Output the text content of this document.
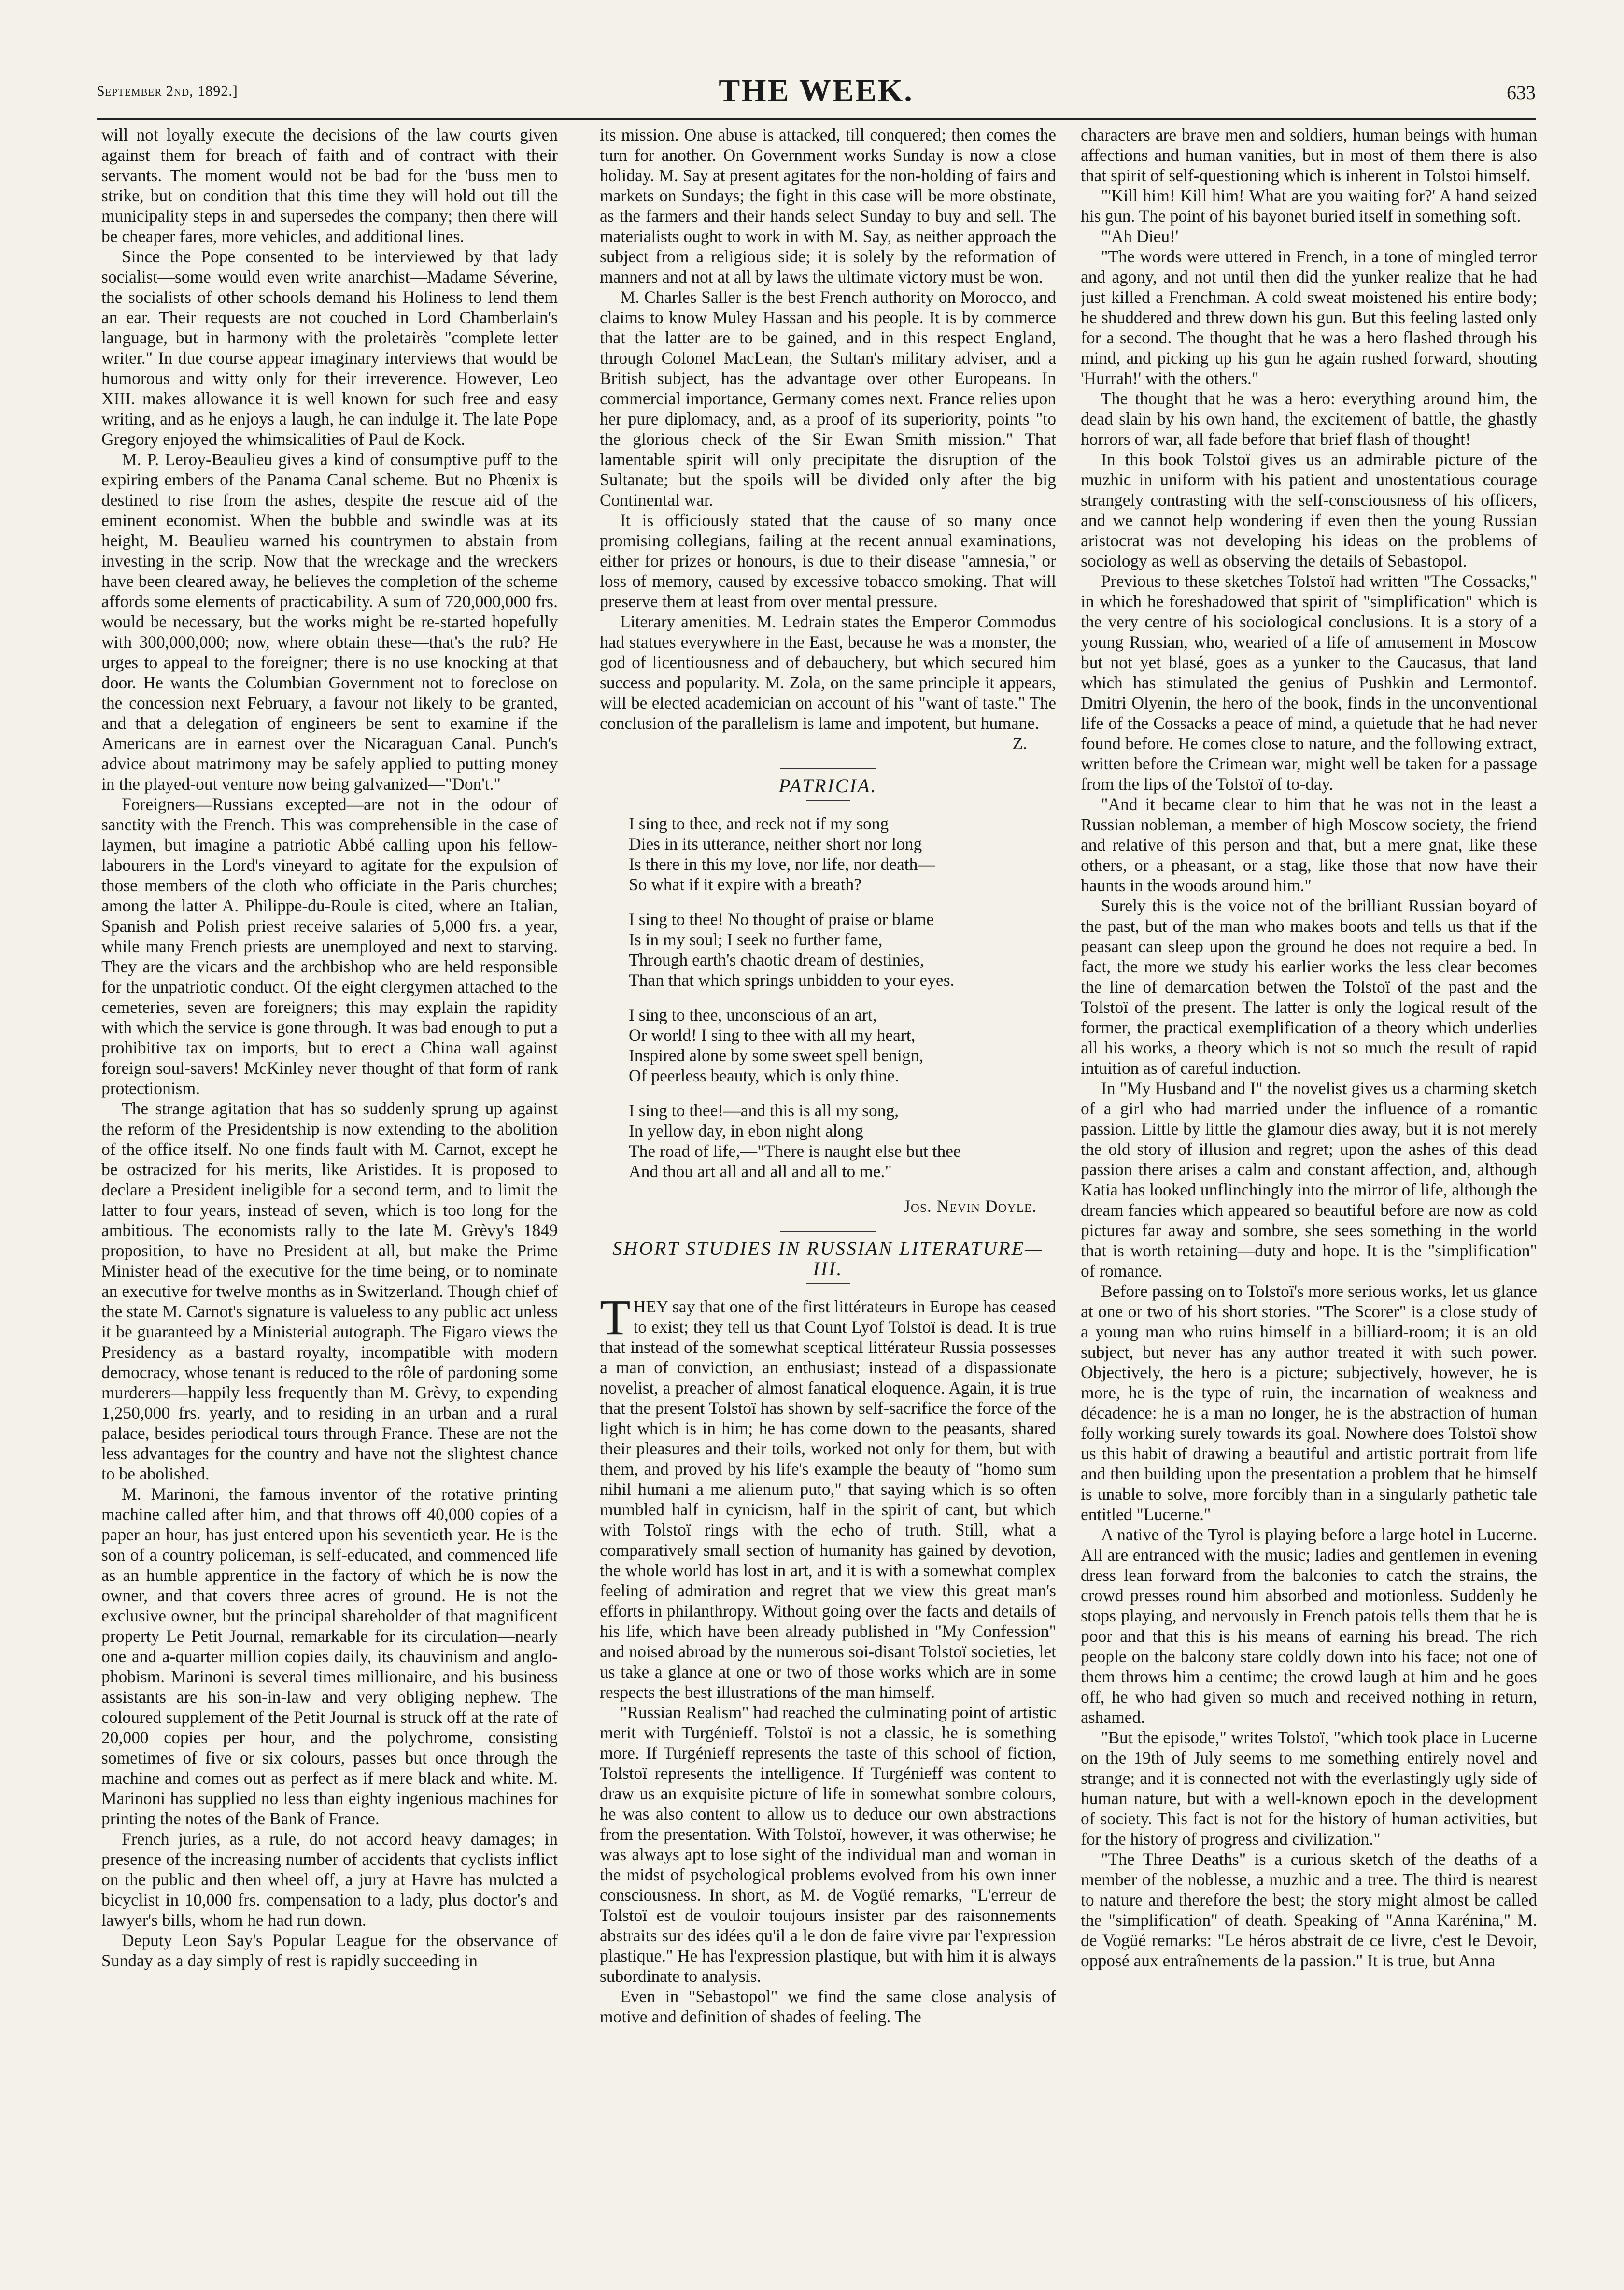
September 2nd, 1892.]	THE WEEK.	633

will not loyally execute the decisions of the law courts given against them for breach of faith and of contract with their servants. The moment would not be bad for the 'buss men to strike, but on condition that this time they will hold out till the municipality steps in and supersedes the company; then there will be cheaper fares, more vehicles, and additional lines.

Since the Pope consented to be interviewed by that lady socialist—some would even write anarchist—Madame Séverine, the socialists of other schools demand his Holiness to lend them an ear. Their requests are not couched in Lord Chamberlain's language, but in harmony with the proletairès "complete letter writer." In due course appear imaginary interviews that would be humorous and witty only for their irreverence. However, Leo XIII. makes allowance it is well known for such free and easy writing, and as he enjoys a laugh, he can indulge it. The late Pope Gregory enjoyed the whimsicalities of Paul de Kock.

M. P. Leroy-Beaulieu gives a kind of consumptive puff to the expiring embers of the Panama Canal scheme. But no Phœnix is destined to rise from the ashes, despite the rescue aid of the eminent economist. When the bubble and swindle was at its height, M. Beaulieu warned his countrymen to abstain from investing in the scrip. Now that the wreckage and the wreckers have been cleared away, he believes the completion of the scheme affords some elements of practicability. A sum of 720,000,000 frs. would be necessary, but the works might be re-started hopefully with 300,000,000; now, where obtain these—that's the rub? He urges to appeal to the foreigner; there is no use knocking at that door. He wants the Columbian Government not to foreclose on the concession next February, a favour not likely to be granted, and that a delegation of engineers be sent to examine if the Americans are in earnest over the Nicaraguan Canal. Punch's advice about matrimony may be safely applied to putting money in the played-out venture now being galvanized—"Don't."

Foreigners—Russians excepted—are not in the odour of sanctity with the French. This was comprehensible in the case of laymen, but imagine a patriotic Abbé calling upon his fellow-labourers in the Lord's vineyard to agitate for the expulsion of those members of the cloth who officiate in the Paris churches; among the latter A. Philippe-du-Roule is cited, where an Italian, Spanish and Polish priest receive salaries of 5,000 frs. a year, while many French priests are unemployed and next to starving. They are the vicars and the archbishop who are held responsible for the unpatriotic conduct. Of the eight clergymen attached to the cemeteries, seven are foreigners; this may explain the rapidity with which the service is gone through. It was bad enough to put a prohibitive tax on imports, but to erect a China wall against foreign soul-savers! McKinley never thought of that form of rank protectionism.

The strange agitation that has so suddenly sprung up against the reform of the Presidentship is now extending to the abolition of the office itself. No one finds fault with M. Carnot, except he be ostracized for his merits, like Aristides. It is proposed to declare a President ineligible for a second term, and to limit the latter to four years, instead of seven, which is too long for the ambitious. The economists rally to the late M. Grèvy's 1849 proposition, to have no President at all, but make the Prime Minister head of the executive for the time being, or to nominate an executive for twelve months as in Switzerland. Though chief of the state M. Carnot's signature is valueless to any public act unless it be guaranteed by a Ministerial autograph. The Figaro views the Presidency as a bastard royalty, incompatible with modern democracy, whose tenant is reduced to the rôle of pardoning some murderers—happily less frequently than M. Grèvy, to expending 1,250,000 frs. yearly, and to residing in an urban and a rural palace, besides periodical tours through France. These are not the less advantages for the country and have not the slightest chance to be abolished.

M. Marinoni, the famous inventor of the rotative printing machine called after him, and that throws off 40,000 copies of a paper an hour, has just entered upon his seventieth year. He is the son of a country policeman, is self-educated, and commenced life as an humble apprentice in the factory of which he is now the owner, and that covers three acres of ground. He is not the exclusive owner, but the principal shareholder of that magnificent property Le Petit Journal, remarkable for its circulation—nearly one and a-quarter million copies daily, its chauvinism and anglo-phobism. Marinoni is several times millionaire, and his business assistants are his son-in-law and very obliging nephew. The coloured supplement of the Petit Journal is struck off at the rate of 20,000 copies per hour, and the polychrome, consisting sometimes of five or six colours, passes but once through the machine and comes out as perfect as if mere black and white. M. Marinoni has supplied no less than eighty ingenious machines for printing the notes of the Bank of France.

French juries, as a rule, do not accord heavy damages; in presence of the increasing number of accidents that cyclists inflict on the public and then wheel off, a jury at Havre has mulcted a bicyclist in 10,000 frs. compensation to a lady, plus doctor's and lawyer's bills, whom he had run down.

Deputy Leon Say's Popular League for the observance of Sunday as a day simply of rest is rapidly succeeding in

its mission. One abuse is attacked, till conquered; then comes the turn for another. On Government works Sunday is now a close holiday. M. Say at present agitates for the non-holding of fairs and markets on Sundays; the fight in this case will be more obstinate, as the farmers and their hands select Sunday to buy and sell. The materialists ought to work in with M. Say, as neither approach the subject from a religious side; it is solely by the reformation of manners and not at all by laws the ultimate victory must be won.

M. Charles Saller is the best French authority on Morocco, and claims to know Muley Hassan and his people. It is by commerce that the latter are to be gained, and in this respect England, through Colonel MacLean, the Sultan's military adviser, and a British subject, has the advantage over other Europeans. In commercial importance, Germany comes next. France relies upon her pure diplomacy, and, as a proof of its superiority, points "to the glorious check of the Sir Ewan Smith mission." That lamentable spirit will only precipitate the disruption of the Sultanate; but the spoils will be divided only after the big Continental war.

It is officiously stated that the cause of so many once promising collegians, failing at the recent annual examinations, either for prizes or honours, is due to their disease "amnesia," or loss of memory, caused by excessive tobacco smoking. That will preserve them at least from over mental pressure.

Literary amenities. M. Ledrain states the Emperor Commodus had statues everywhere in the East, because he was a monster, the god of licentiousness and of debauchery, but which secured him success and popularity. M. Zola, on the same principle it appears, will be elected academician on account of his "want of taste." The conclusion of the parallelism is lame and impotent, but humane.

Z.

PATRICIA.
I sing to thee, and reck not if my song
Dies in its utterance, neither short nor long
Is there in this my love, nor life, nor death—
So what if it expire with a breath?
I sing to thee! No thought of praise or blame
Is in my soul; I seek no further fame,
Through earth's chaotic dream of destinies,
Than that which springs unbidden to your eyes.
I sing to thee, unconscious of an art,
Or world! I sing to thee with all my heart,
Inspired alone by some sweet spell benign,
Of peerless beauty, which is only thine.
I sing to thee!—and this is all my song,
In yellow day, in ebon night along
The road of life,—"There is naught else but thee
And thou art all and all and all to me."

Jos. Nevin Doyle.

SHORT STUDIES IN RUSSIAN LITERATURE—III.

THEY say that one of the first littérateurs in Europe has ceased to exist; they tell us that Count Lyof Tolstoï is dead. It is true that instead of the somewhat sceptical littérateur Russia possesses a man of conviction, an enthusiast; instead of a dispassionate novelist, a preacher of almost fanatical eloquence. Again, it is true that the present Tolstoï has shown by self-sacrifice the force of the light which is in him; he has come down to the peasants, shared their pleasures and their toils, worked not only for them, but with them, and proved by his life's example the beauty of "homo sum nihil humani a me alienum puto," that saying which is so often mumbled half in cynicism, half in the spirit of cant, but which with Tolstoï rings with the echo of truth. Still, what a comparatively small section of humanity has gained by devotion, the whole world has lost in art, and it is with a somewhat complex feeling of admiration and regret that we view this great man's efforts in philanthropy. Without going over the facts and details of his life, which have been already published in "My Confession" and noised abroad by the numerous soi-disant Tolstoï societies, let us take a glance at one or two of those works which are in some respects the best illustrations of the man himself.

"Russian Realism" had reached the culminating point of artistic merit with Turgénieff. Tolstoï is not a classic, he is something more. If Turgénieff represents the taste of this school of fiction, Tolstoï represents the intelligence. If Turgénieff was content to draw us an exquisite picture of life in somewhat sombre colours, he was also content to allow us to deduce our own abstractions from the presentation. With Tolstoï, however, it was otherwise; he was always apt to lose sight of the individual man and woman in the midst of psychological problems evolved from his own inner consciousness. In short, as M. de Vogüé remarks, "L'erreur de Tolstoï est de vouloir toujours insister par des raisonnements abstraits sur des idées qu'il a le don de faire vivre par l'expression plastique." He has l'expression plastique, but with him it is always subordinate to analysis.

Even in "Sebastopol" we find the same close analysis of motive and definition of shades of feeling. The

characters are brave men and soldiers, human beings with human affections and human vanities, but in most of them there is also that spirit of self-questioning which is inherent in Tolstoi himself.

"'Kill him! Kill him! What are you waiting for?' A hand seized his gun. The point of his bayonet buried itself in something soft.

"'Ah Dieu!'

"The words were uttered in French, in a tone of mingled terror and agony, and not until then did the yunker realize that he had just killed a Frenchman. A cold sweat moistened his entire body; he shuddered and threw down his gun. But this feeling lasted only for a second. The thought that he was a hero flashed through his mind, and picking up his gun he again rushed forward, shouting 'Hurrah!' with the others."

The thought that he was a hero: everything around him, the dead slain by his own hand, the excitement of battle, the ghastly horrors of war, all fade before that brief flash of thought!

In this book Tolstoï gives us an admirable picture of the muzhic in uniform with his patient and unostentatious courage strangely contrasting with the self-consciousness of his officers, and we cannot help wondering if even then the young Russian aristocrat was not developing his ideas on the problems of sociology as well as observing the details of Sebastopol.

Previous to these sketches Tolstoï had written "The Cossacks," in which he foreshadowed that spirit of "simplification" which is the very centre of his sociological conclusions. It is a story of a young Russian, who, wearied of a life of amusement in Moscow but not yet blasé, goes as a yunker to the Caucasus, that land which has stimulated the genius of Pushkin and Lermontof. Dmitri Olyenin, the hero of the book, finds in the unconventional life of the Cossacks a peace of mind, a quietude that he had never found before. He comes close to nature, and the following extract, written before the Crimean war, might well be taken for a passage from the lips of the Tolstoï of to-day.

"And it became clear to him that he was not in the least a Russian nobleman, a member of high Moscow society, the friend and relative of this person and that, but a mere gnat, like these others, or a pheasant, or a stag, like those that now have their haunts in the woods around him."

Surely this is the voice not of the brilliant Russian boyard of the past, but of the man who makes boots and tells us that if the peasant can sleep upon the ground he does not require a bed. In fact, the more we study his earlier works the less clear becomes the line of demarcation betwen the Tolstoï of the past and the Tolstoï of the present. The latter is only the logical result of the former, the practical exemplification of a theory which underlies all his works, a theory which is not so much the result of rapid intuition as of careful induction.

In "My Husband and I" the novelist gives us a charming sketch of a girl who had married under the influence of a romantic passion. Little by little the glamour dies away, but it is not merely the old story of illusion and regret; upon the ashes of this dead passion there arises a calm and constant affection, and, although Katia has looked unflinchingly into the mirror of life, although the dream fancies which appeared so beautiful before are now as cold pictures far away and sombre, she sees something in the world that is worth retaining—duty and hope. It is the "simplification" of romance.

Before passing on to Tolstoï's more serious works, let us glance at one or two of his short stories. "The Scorer" is a close study of a young man who ruins himself in a billiard-room; it is an old subject, but never has any author treated it with such power. Objectively, the hero is a picture; subjectively, however, he is more, he is the type of ruin, the incarnation of weakness and décadence: he is a man no longer, he is the abstraction of human folly working surely towards its goal. Nowhere does Tolstoï show us this habit of drawing a beautiful and artistic portrait from life and then building upon the presentation a problem that he himself is unable to solve, more forcibly than in a singularly pathetic tale entitled "Lucerne."

A native of the Tyrol is playing before a large hotel in Lucerne. All are entranced with the music; ladies and gentlemen in evening dress lean forward from the balconies to catch the strains, the crowd presses round him absorbed and motionless. Suddenly he stops playing, and nervously in French patois tells them that he is poor and that this is his means of earning his bread. The rich people on the balcony stare coldly down into his face; not one of them throws him a centime; the crowd laugh at him and he goes off, he who had given so much and received nothing in return, ashamed.

"But the episode," writes Tolstoï, "which took place in Lucerne on the 19th of July seems to me something entirely novel and strange; and it is connected not with the everlastingly ugly side of human nature, but with a well-known epoch in the development of society. This fact is not for the history of human activities, but for the history of progress and civilization."

"The Three Deaths" is a curious sketch of the deaths of a member of the noblesse, a muzhic and a tree. The third is nearest to nature and therefore the best; the story might almost be called the "simplification" of death. Speaking of "Anna Karénina," M. de Vogüé remarks: "Le héros abstrait de ce livre, c'est le Devoir, opposé aux entraînements de la passion." It is true, but Anna
